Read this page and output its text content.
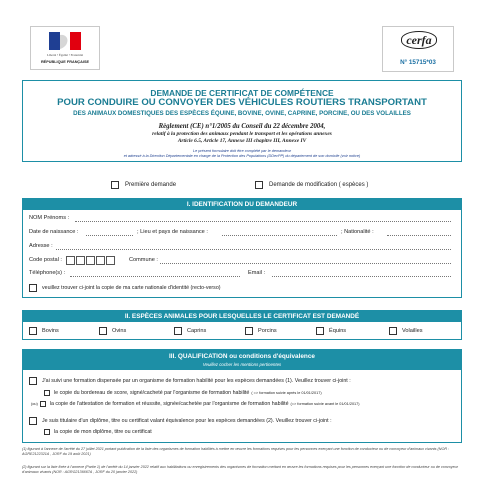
Liberté • Égalité • Fraternité
RÉPUBLIQUE FRANÇAISE
cerfa
N° 15715*03
DEMANDE DE CERTIFICAT DE COMPÉTENCE
POUR CONDUIRE OU CONVOYER DES VÉHICULES ROUTIERS TRANSPORTANT
DES ANIMAUX DOMESTIQUES DES ESPÈCES ÉQUINE, BOVINE, OVINE, CAPRINE, PORCINE, OU DES VOLAILLES
Règlement (CE) n°1/2005 du Conseil du 22 décembre 2004,
relatif à la protection des animaux pendant le transport et les opérations annexes
Article 6.5, Article 17, Annexe III chapitre III, Annexe IV
Le présent formulaire doit être complété par le demandeur
et adressé à la Direction Départementale en charge de la Protection des Populations (DDecPP) du département de son domicile (voir notice)
Première demande	Demande de modification ( espèces )
I. IDENTIFICATION DU DEMANDEUR
NOM Prénoms :
Date de naissance :	; Lieu et pays de naissance :	; Nationalité :
Adresse :
Code postal :	Commune :
Téléphone(s) :	Email :
veuillez trouver ci-joint la copie de ma carte nationale d'identité (recto-verso)
II. ESPÈCES ANIMALES POUR LESQUELLES LE CERTIFICAT EST DEMANDÉ
Bovins	Ovins	Caprins	Porcins	Équins	Volailles
III. QUALIFICATION ou conditions d'équivalence
Veuillez cocher les mentions pertinentes
J'ai suivi une formation dispensée par un organisme de formation habilité pour les espèces demandées (1). Veuillez trouver ci-joint :
le copie du bordereau de score, signé/cacheté par l'organisme de formation habilité ( => formation suivie après le 01/01/2017)
(ou) la copie de l'attestation de formation et réussite, signée/cachetée par l'organisme de formation habilité (=> formation suivie avant le 01/01/2017)
Je suis titulaire d'un diplôme, titre ou certificat valant équivalence pour les espèces demandées (2). Veuillez trouver ci-joint :
la copie de mon diplôme, titre ou certificat
(1) figurant à l'annexe de l'arrêté du 27 juillet 2021 portant publication de la liste des organismes de formation habilités à mettre en œuvre les formations requises pour les personnes exerçant une fonction de conducteur ou de convoyeur d'animaux vivants (NOR : AGRE2122321A , JORF du 19 août 2021)
(2) figurant sur la liste fixée à l'annexe (Partie 1) de l'arrêté du 14 janvier 2022 relatif aux habilitations ou enregistrements des organismes de formation mettant en œuvre les formations requises pour les personnes exerçant une fonction de conducteur ou de convoyeur d'animaux vivants (NOR : AGRG2136667A , JORF du 20 janvier 2022)
